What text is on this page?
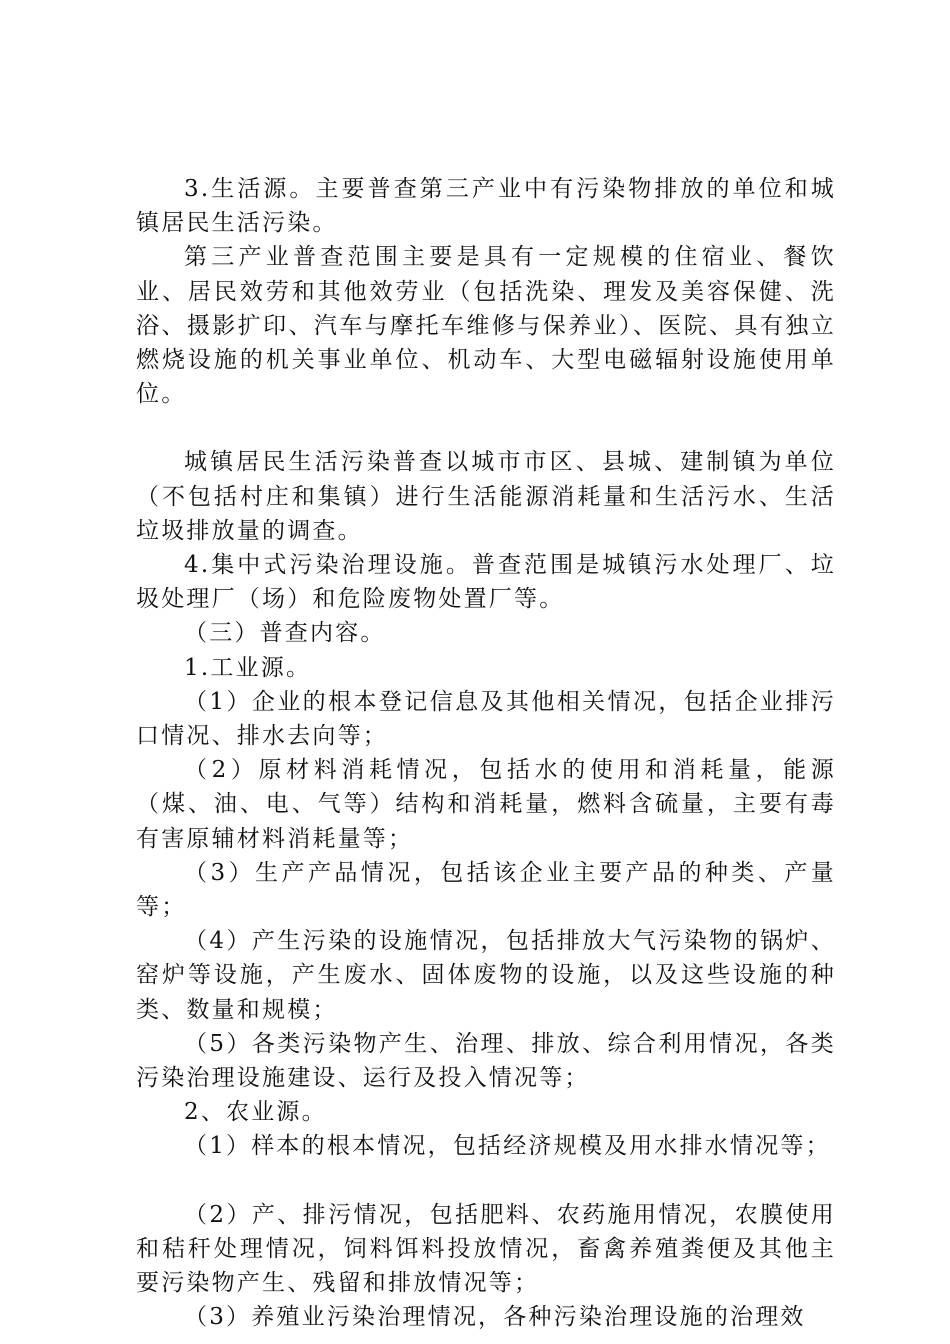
3.生活源。主要普查第三产业中有污染物排放的单位和城镇居民生活污染。

第三产业普查范围主要是具有一定规模的住宿业、餐饮业、居民效劳和其他效劳业（包括洗染、理发及美容保健、洗浴、摄影扩印、汽车与摩托车维修与保养业）、医院、具有独立燃烧设施的机关事业单位、机动车、大型电磁辐射设施使用单位。

城镇居民生活污染普查以城市市区、县城、建制镇为单位（不包括村庄和集镇）进行生活能源消耗量和生活污水、生活垃圾排放量的调查。

4.集中式污染治理设施。普查范围是城镇污水处理厂、垃圾处理厂（场）和危险废物处置厂等。

（三）普查内容。

1.工业源。

（1）企业的根本登记信息及其他相关情况，包括企业排污口情况、排水去向等；

（2）原材料消耗情况，包括水的使用和消耗量，能源（煤、油、电、气等）结构和消耗量，燃料含硫量，主要有毒有害原辅材料消耗量等；

（3）生产产品情况，包括该企业主要产品的种类、产量等；

（4）产生污染的设施情况，包括排放大气污染物的锅炉、窑炉等设施，产生废水、固体废物的设施，以及这些设施的种类、数量和规模；

（5）各类污染物产生、治理、排放、综合利用情况，各类污染治理设施建设、运行及投入情况等；

2、农业源。

（1）样本的根本情况，包括经济规模及用水排水情况等；

（2）产、排污情况，包括肥料、农药施用情况，农膜使用和秸秆处理情况，饲料饵料投放情况，畜禽养殖粪便及其他主要污染物产生、残留和排放情况等；

（3）养殖业污染治理情况，各种污染治理设施的治理效
